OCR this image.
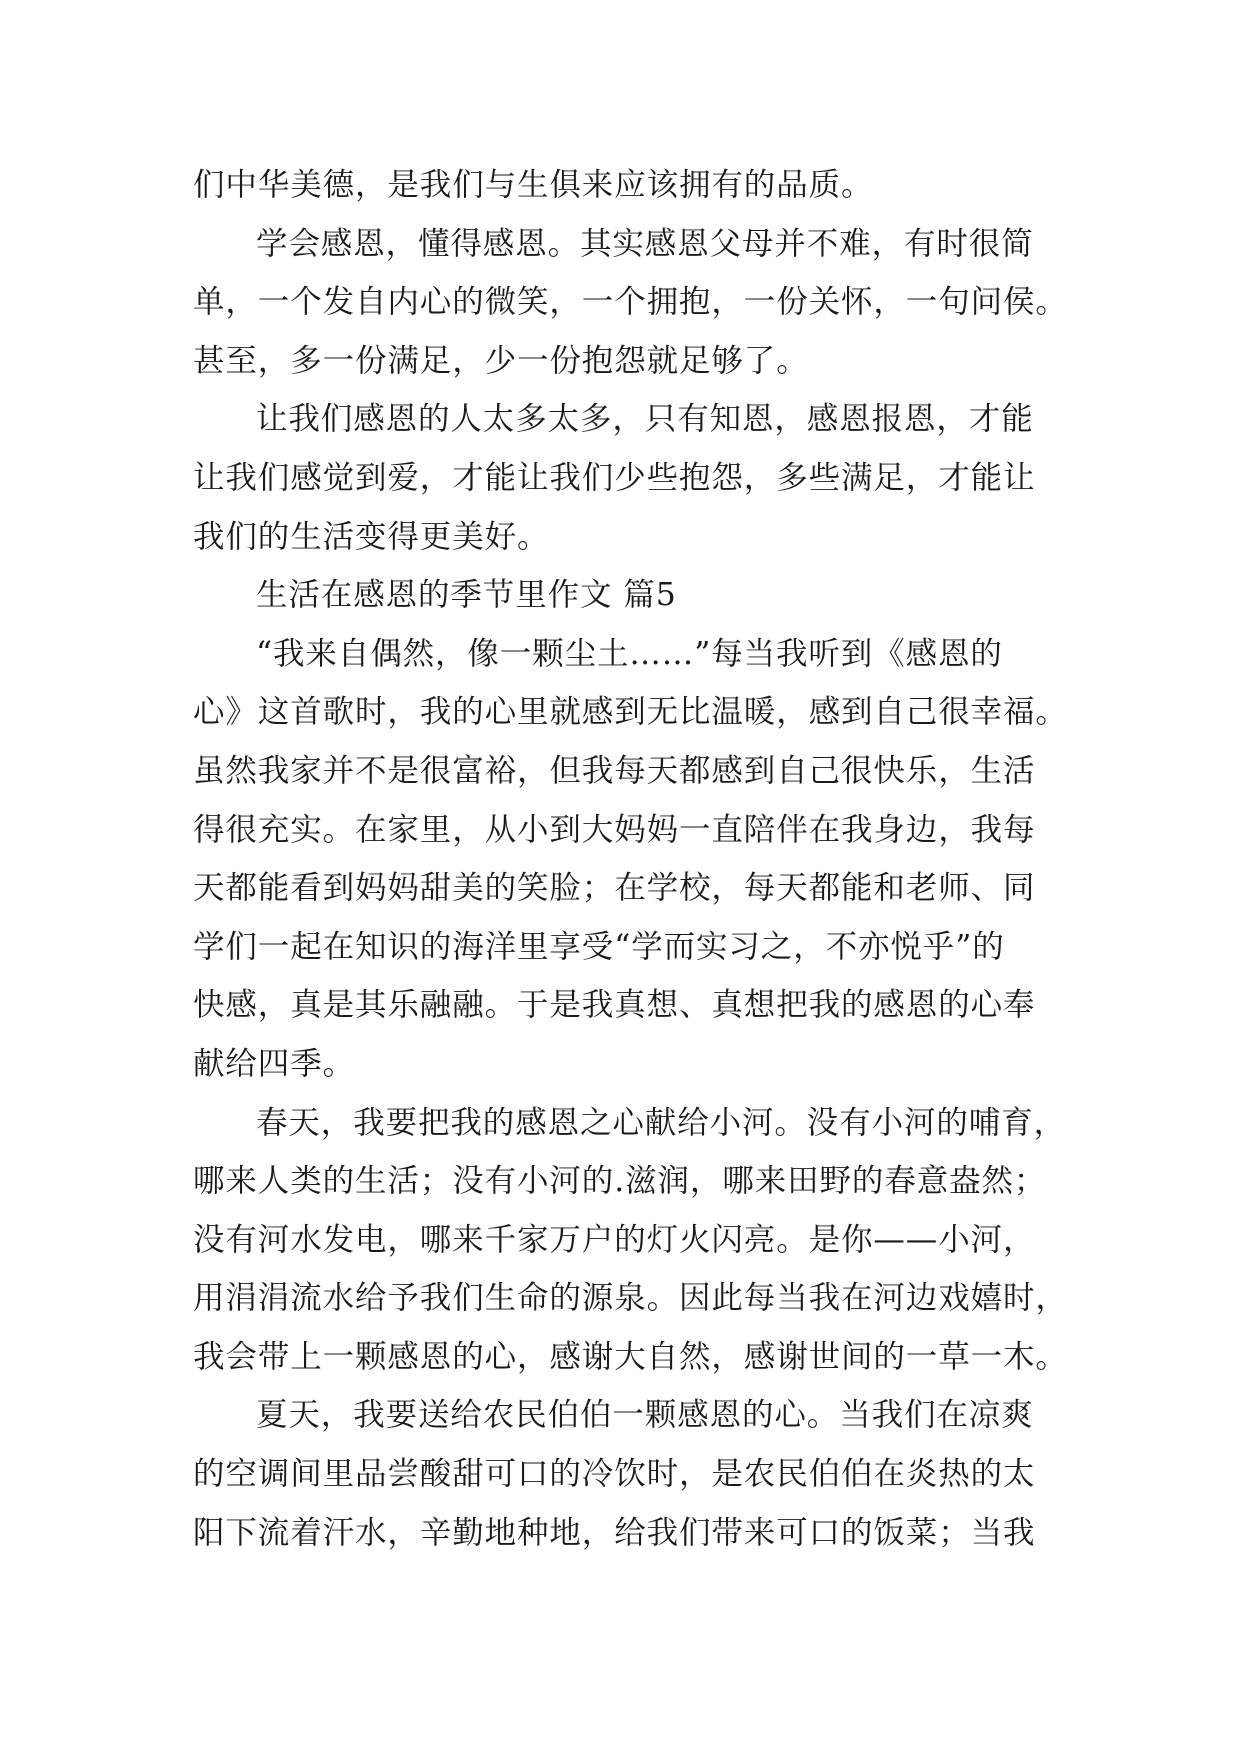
们中华美德，是我们与生俱来应该拥有的品质。
学会感恩，懂得感恩。其实感恩父母并不难，有时很简
单，一个发自内心的微笑，一个拥抱，一份关怀，一句问侯。
甚至，多一份满足，少一份抱怨就足够了。
让我们感恩的人太多太多，只有知恩，感恩报恩，才能
让我们感觉到爱，才能让我们少些抱怨，多些满足，才能让
我们的生活变得更美好。
生活在感恩的季节里作文 篇5
“我来自偶然，像一颗尘土……”每当我听到《感恩的
心》这首歌时，我的心里就感到无比温暖，感到自己很幸福。
虽然我家并不是很富裕，但我每天都感到自己很快乐，生活
得很充实。在家里，从小到大妈妈一直陪伴在我身边，我每
天都能看到妈妈甜美的笑脸；在学校，每天都能和老师、同
学们一起在知识的海洋里享受“学而实习之，不亦悦乎”的
快感，真是其乐融融。于是我真想、真想把我的感恩的心奉
献给四季。
春天，我要把我的感恩之心献给小河。没有小河的哺育，
哪来人类的生活；没有小河的.滋润，哪来田野的春意盎然；
没有河水发电，哪来千家万户的灯火闪亮。是你——小河，
用涓涓流水给予我们生命的源泉。因此每当我在河边戏嬉时，
我会带上一颗感恩的心，感谢大自然，感谢世间的一草一木。
夏天，我要送给农民伯伯一颗感恩的心。当我们在凉爽
的空调间里品尝酸甜可口的冷饮时，是农民伯伯在炎热的太
阳下流着汗水，辛勤地种地，给我们带来可口的饭菜；当我
